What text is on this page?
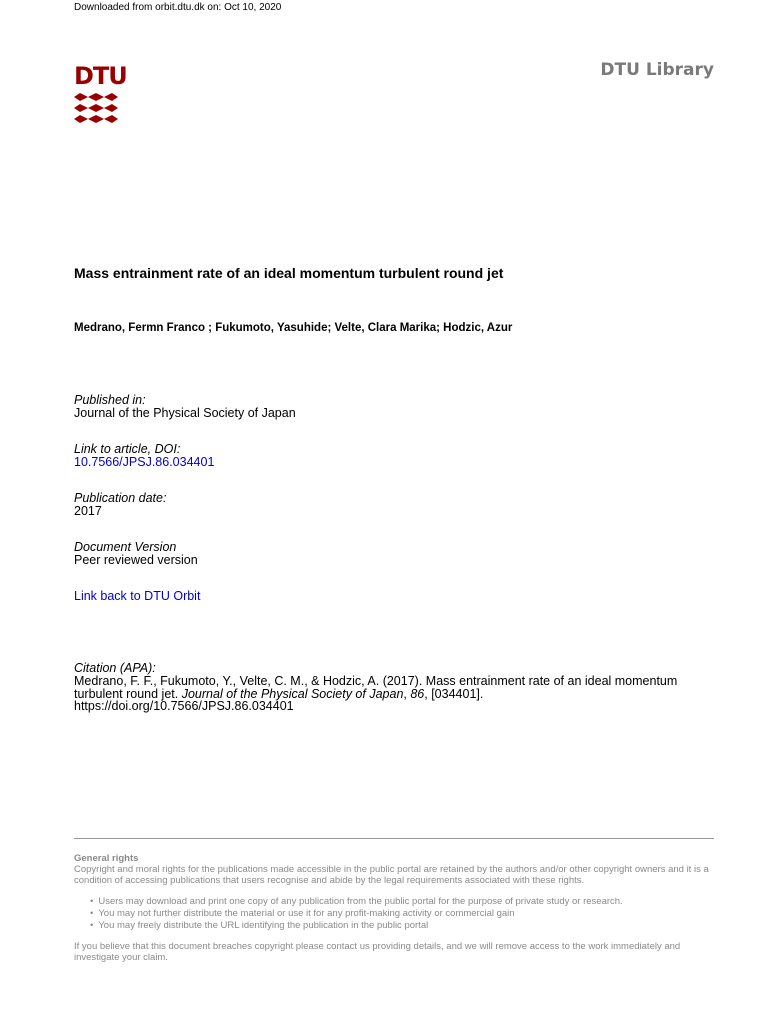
Downloaded from orbit.dtu.dk on: Oct 10, 2020
DTU	DTU Library
Mass entrainment rate of an ideal momentum turbulent round jet
Medrano, Fermn Franco ; Fukumoto, Yasuhide; Velte, Clara Marika; Hodzic, Azur
Published in:
Journal of the Physical Society of Japan
Link to article, DOI:
10.7566/JPSJ.86.034401
Publication date:
2017
Document Version
Peer reviewed version
Link back to DTU Orbit
Citation (APA):
Medrano, F. F., Fukumoto, Y., Velte, C. M., & Hodzic, A. (2017). Mass entrainment rate of an ideal momentum turbulent round jet. Journal of the Physical Society of Japan, 86, [034401].
https://doi.org/10.7566/JPSJ.86.034401

General rights

Copyright and moral rights for the publications made accessible in the public portal are retained by the authors and/or other copyright owners and it is a condition of accessing publications that users recognise and abide by the legal requirements associated with these rights.

• Users may download and print one copy of any publication from the public portal for the purpose of private study or research.
• You may not further distribute the material or use it for any profit-making activity or commercial gain
• You may freely distribute the URL identifying the publication in the public portal

If you believe that this document breaches copyright please contact us providing details, and we will remove access to the work immediately and investigate your claim.
